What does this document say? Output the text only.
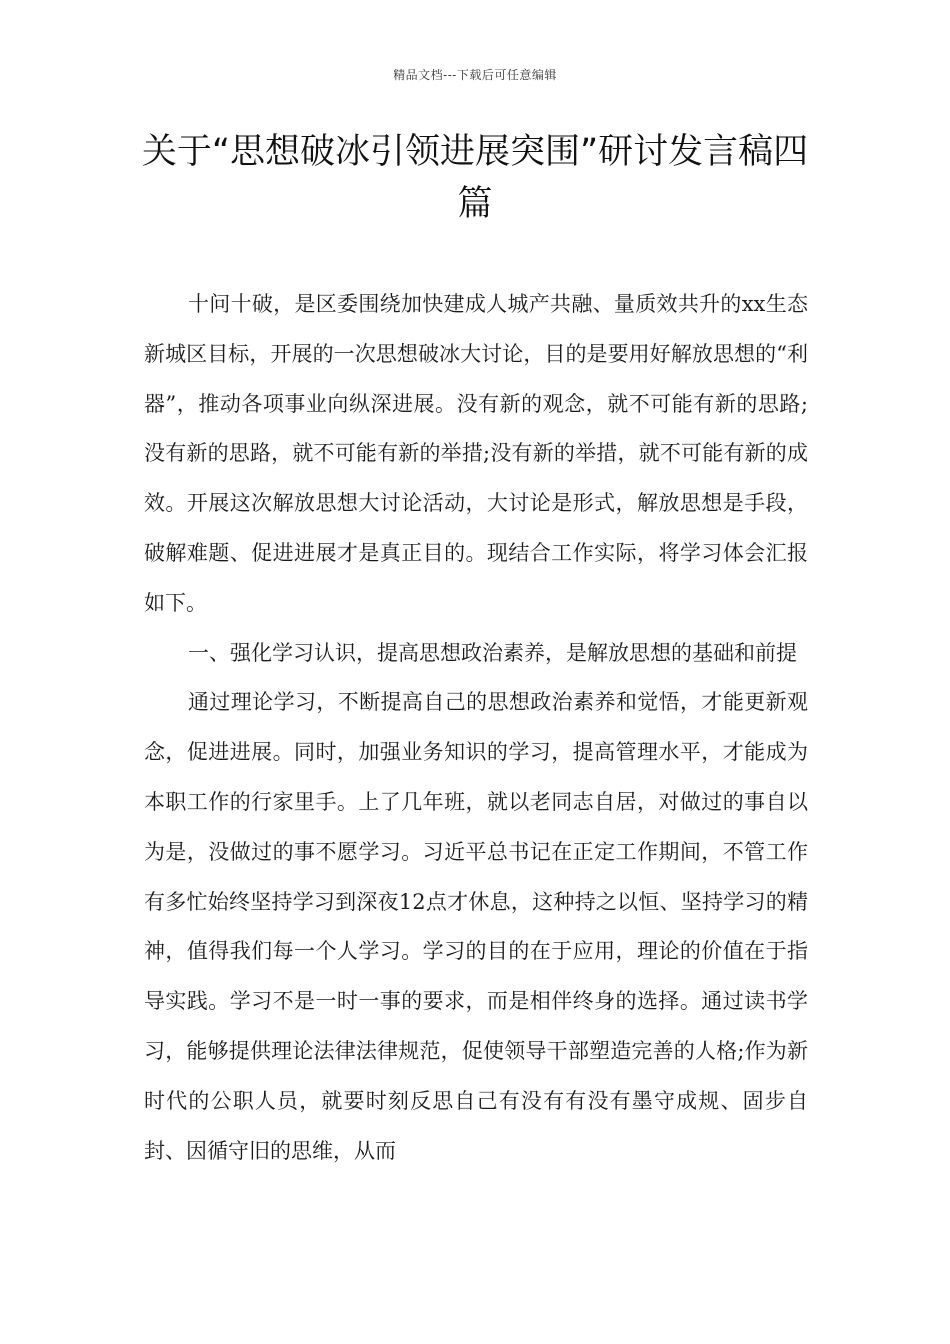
精品文档---下载后可任意编辑
关于“思想破冰引领进展突围”研讨发言稿四篇

十问十破，是区委围绕加快建成人城产共融、量质效共升的xx生态新城区目标，开展的一次思想破冰大讨论，目的是要用好解放思想的“利器”，推动各项事业向纵深进展。没有新的观念，就不可能有新的思路;没有新的思路，就不可能有新的举措;没有新的举措，就不可能有新的成效。开展这次解放思想大讨论活动，大讨论是形式，解放思想是手段，破解难题、促进进展才是真正目的。现结合工作实际，将学习体会汇报如下。

一、强化学习认识，提高思想政治素养，是解放思想的基础和前提

通过理论学习，不断提高自己的思想政治素养和觉悟，才能更新观念，促进进展。同时，加强业务知识的学习，提高管理水平，才能成为本职工作的行家里手。上了几年班，就以老同志自居，对做过的事自以为是，没做过的事不愿学习。习近平总书记在正定工作期间，不管工作有多忙始终坚持学习到深夜12点才休息，这种持之以恒、坚持学习的精神，值得我们每一个人学习。学习的目的在于应用，理论的价值在于指导实践。学习不是一时一事的要求，而是相伴终身的选择。通过读书学习，能够提供理论法律法律规范，促使领导干部塑造完善的人格;作为新时代的公职人员，就要时刻反思自己有没有有没有墨守成规、固步自封、因循守旧的思维，从而
